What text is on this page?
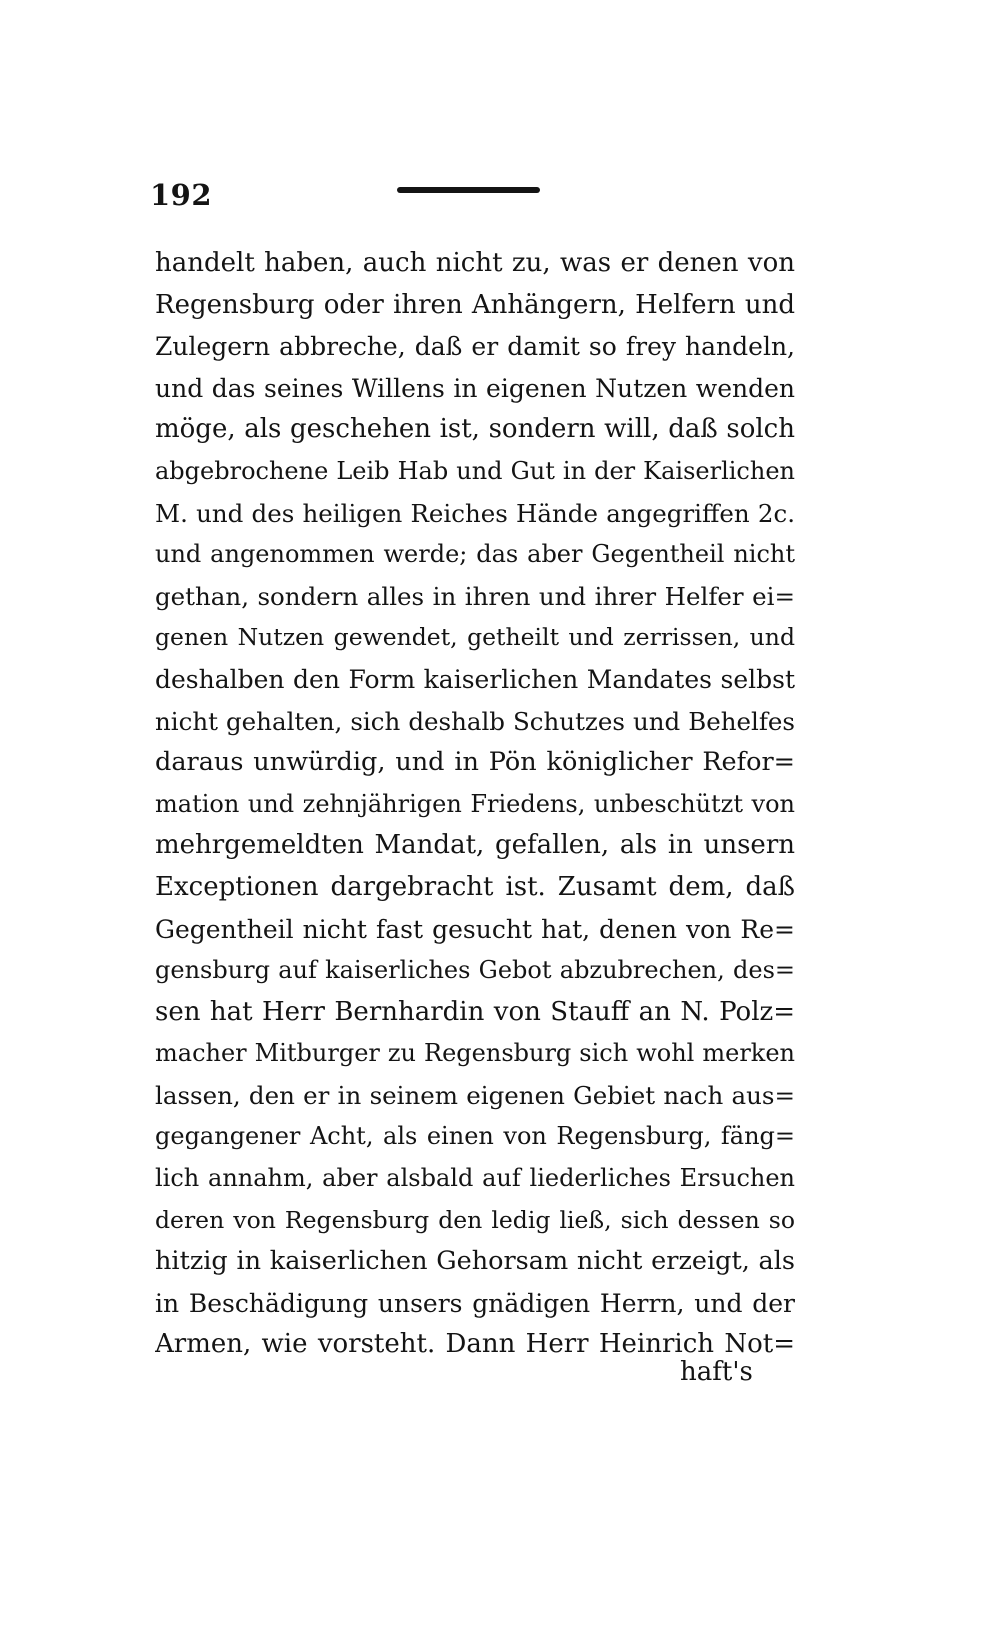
192
handelt haben, auch nicht zu, was er denen von
Regensburg oder ihren Anhängern, Helfern und
Zulegern abbreche, daß er damit so frey handeln,
und das seines Willens in eigenen Nutzen wenden
möge, als geschehen ist, sondern will, daß solch
abgebrochene Leib Hab und Gut in der Kaiserlichen
M. und des heiligen Reiches Hände angegriffen 2c.
und angenommen werde; das aber Gegentheil nicht
gethan, sondern alles in ihren und ihrer Helfer ei=
genen Nutzen gewendet, getheilt und zerrissen, und
deshalben den Form kaiserlichen Mandates selbst
nicht gehalten, sich deshalb Schutzes und Behelfes
daraus unwürdig, und in Pön königlicher Refor=
mation und zehnjährigen Friedens, unbeschützt von
mehrgemeldten Mandat, gefallen, als in unsern
Exceptionen dargebracht ist. Zusamt dem, daß
Gegentheil nicht fast gesucht hat, denen von Re=
gensburg auf kaiserliches Gebot abzubrechen, des=
sen hat Herr Bernhardin von Stauff an N. Polz=
macher Mitburger zu Regensburg sich wohl merken
lassen, den er in seinem eigenen Gebiet nach aus=
gegangener Acht, als einen von Regensburg, fäng=
lich annahm, aber alsbald auf liederliches Ersuchen
deren von Regensburg den ledig ließ, sich dessen so
hitzig in kaiserlichen Gehorsam nicht erzeigt, als
in Beschädigung unsers gnädigen Herrn, und der
Armen, wie vorsteht. Dann Herr Heinrich Not=
haft's
